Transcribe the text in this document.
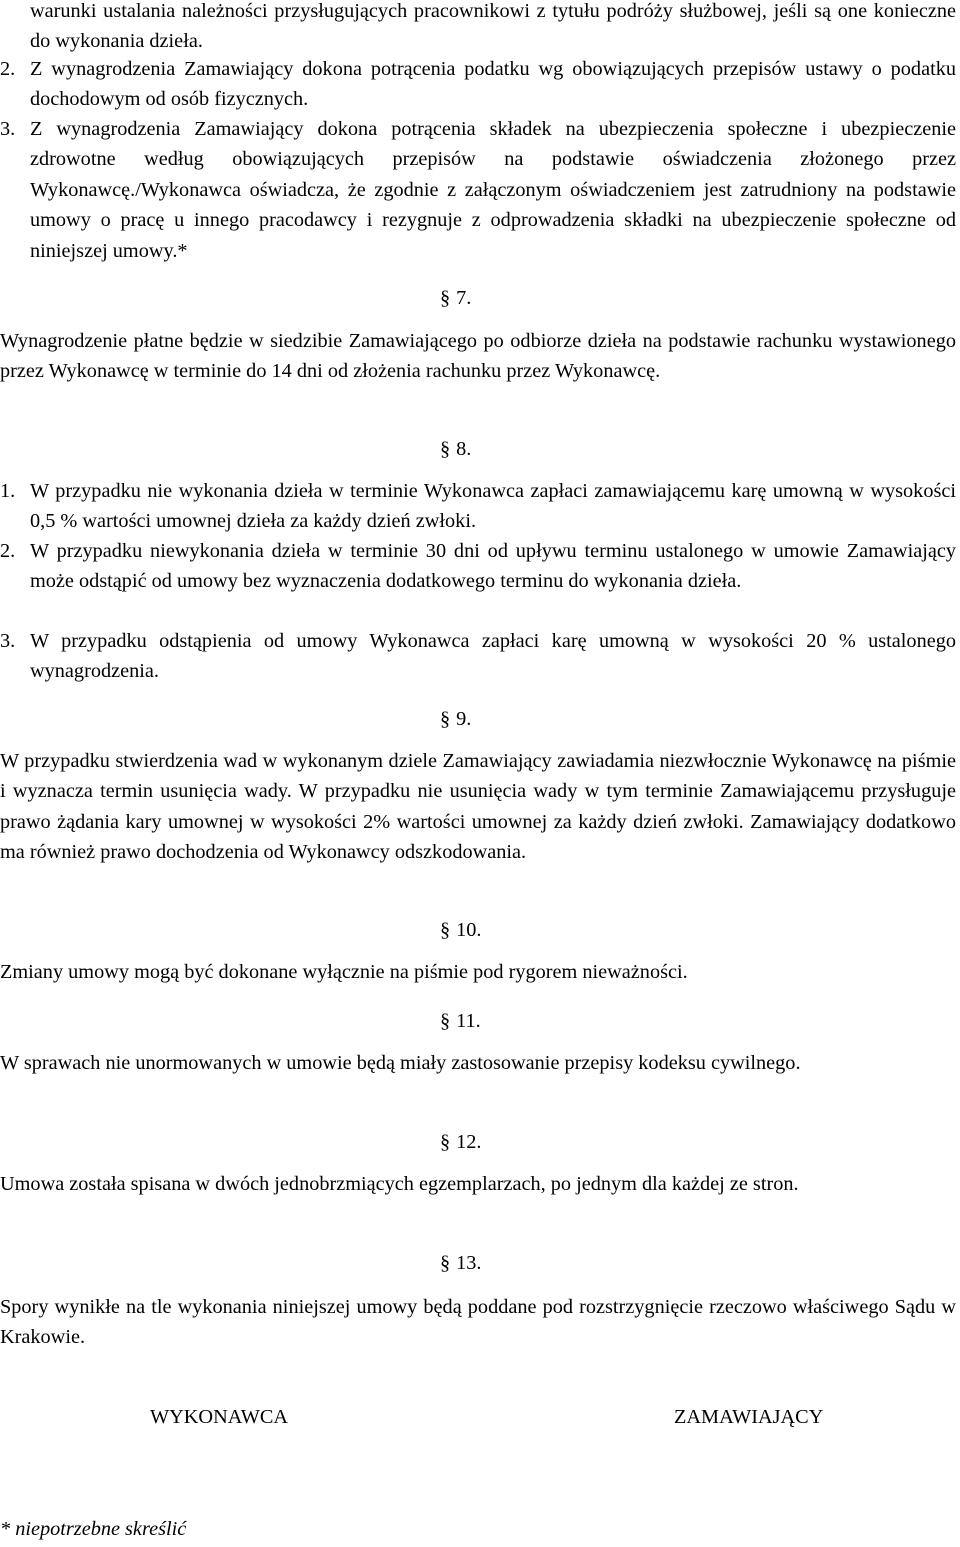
warunki ustalania należności przysługujących pracownikowi z tytułu podróży służbowej, jeśli są one konieczne do wykonania dzieła.
2. Z wynagrodzenia Zamawiający dokona potrącenia podatku wg obowiązujących przepisów ustawy o podatku dochodowym od osób fizycznych.
3. Z wynagrodzenia Zamawiający dokona potrącenia składek na ubezpieczenia społeczne i ubezpieczenie zdrowotne według obowiązujących przepisów na podstawie oświadczenia złożonego przez Wykonawcę./Wykonawca oświadcza, że zgodnie z załączonym oświadczeniem jest zatrudniony na podstawie umowy o pracę u innego pracodawcy i rezygnuje z odprowadzenia składki na ubezpieczenie społeczne od niniejszej umowy.*
§ 7.
Wynagrodzenie płatne będzie w siedzibie Zamawiającego po odbiorze dzieła na podstawie rachunku wystawionego przez Wykonawcę w terminie do 14 dni od złożenia rachunku przez Wykonawcę.
§ 8.
1. W przypadku nie wykonania dzieła w terminie Wykonawca zapłaci zamawiającemu karę umowną w wysokości 0,5 % wartości umownej dzieła za każdy dzień zwłoki.
2. W przypadku niewykonania dzieła w terminie 30 dni od upływu terminu ustalonego w umowie Zamawiający może odstąpić od umowy bez wyznaczenia dodatkowego terminu do wykonania dzieła.
3. W przypadku odstąpienia od umowy Wykonawca zapłaci karę umowną w wysokości 20 % ustalonego wynagrodzenia.
§ 9.
W przypadku stwierdzenia wad w wykonanym dziele Zamawiający zawiadamia niezwłocznie Wykonawcę na piśmie i wyznacza termin usunięcia wady. W przypadku nie usunięcia wady w tym terminie Zamawiającemu przysługuje prawo żądania kary umownej w wysokości 2% wartości umownej za każdy dzień zwłoki. Zamawiający dodatkowo ma również prawo dochodzenia od Wykonawcy odszkodowania.
§ 10.
Zmiany umowy mogą być dokonane wyłącznie na piśmie pod rygorem nieważności.
§ 11.
W sprawach nie unormowanych w umowie będą miały zastosowanie przepisy kodeksu cywilnego.
§ 12.
Umowa została spisana w dwóch jednobrzmiących egzemplarzach, po jednym dla każdej ze stron.
§ 13.
Spory wynikłe na tle wykonania niniejszej umowy będą poddane pod rozstrzygnięcie rzeczowo właściwego Sądu w Krakowie.
WYKONAWCA	ZAMAWIAJĄCY
* niepotrzebne skreślić
